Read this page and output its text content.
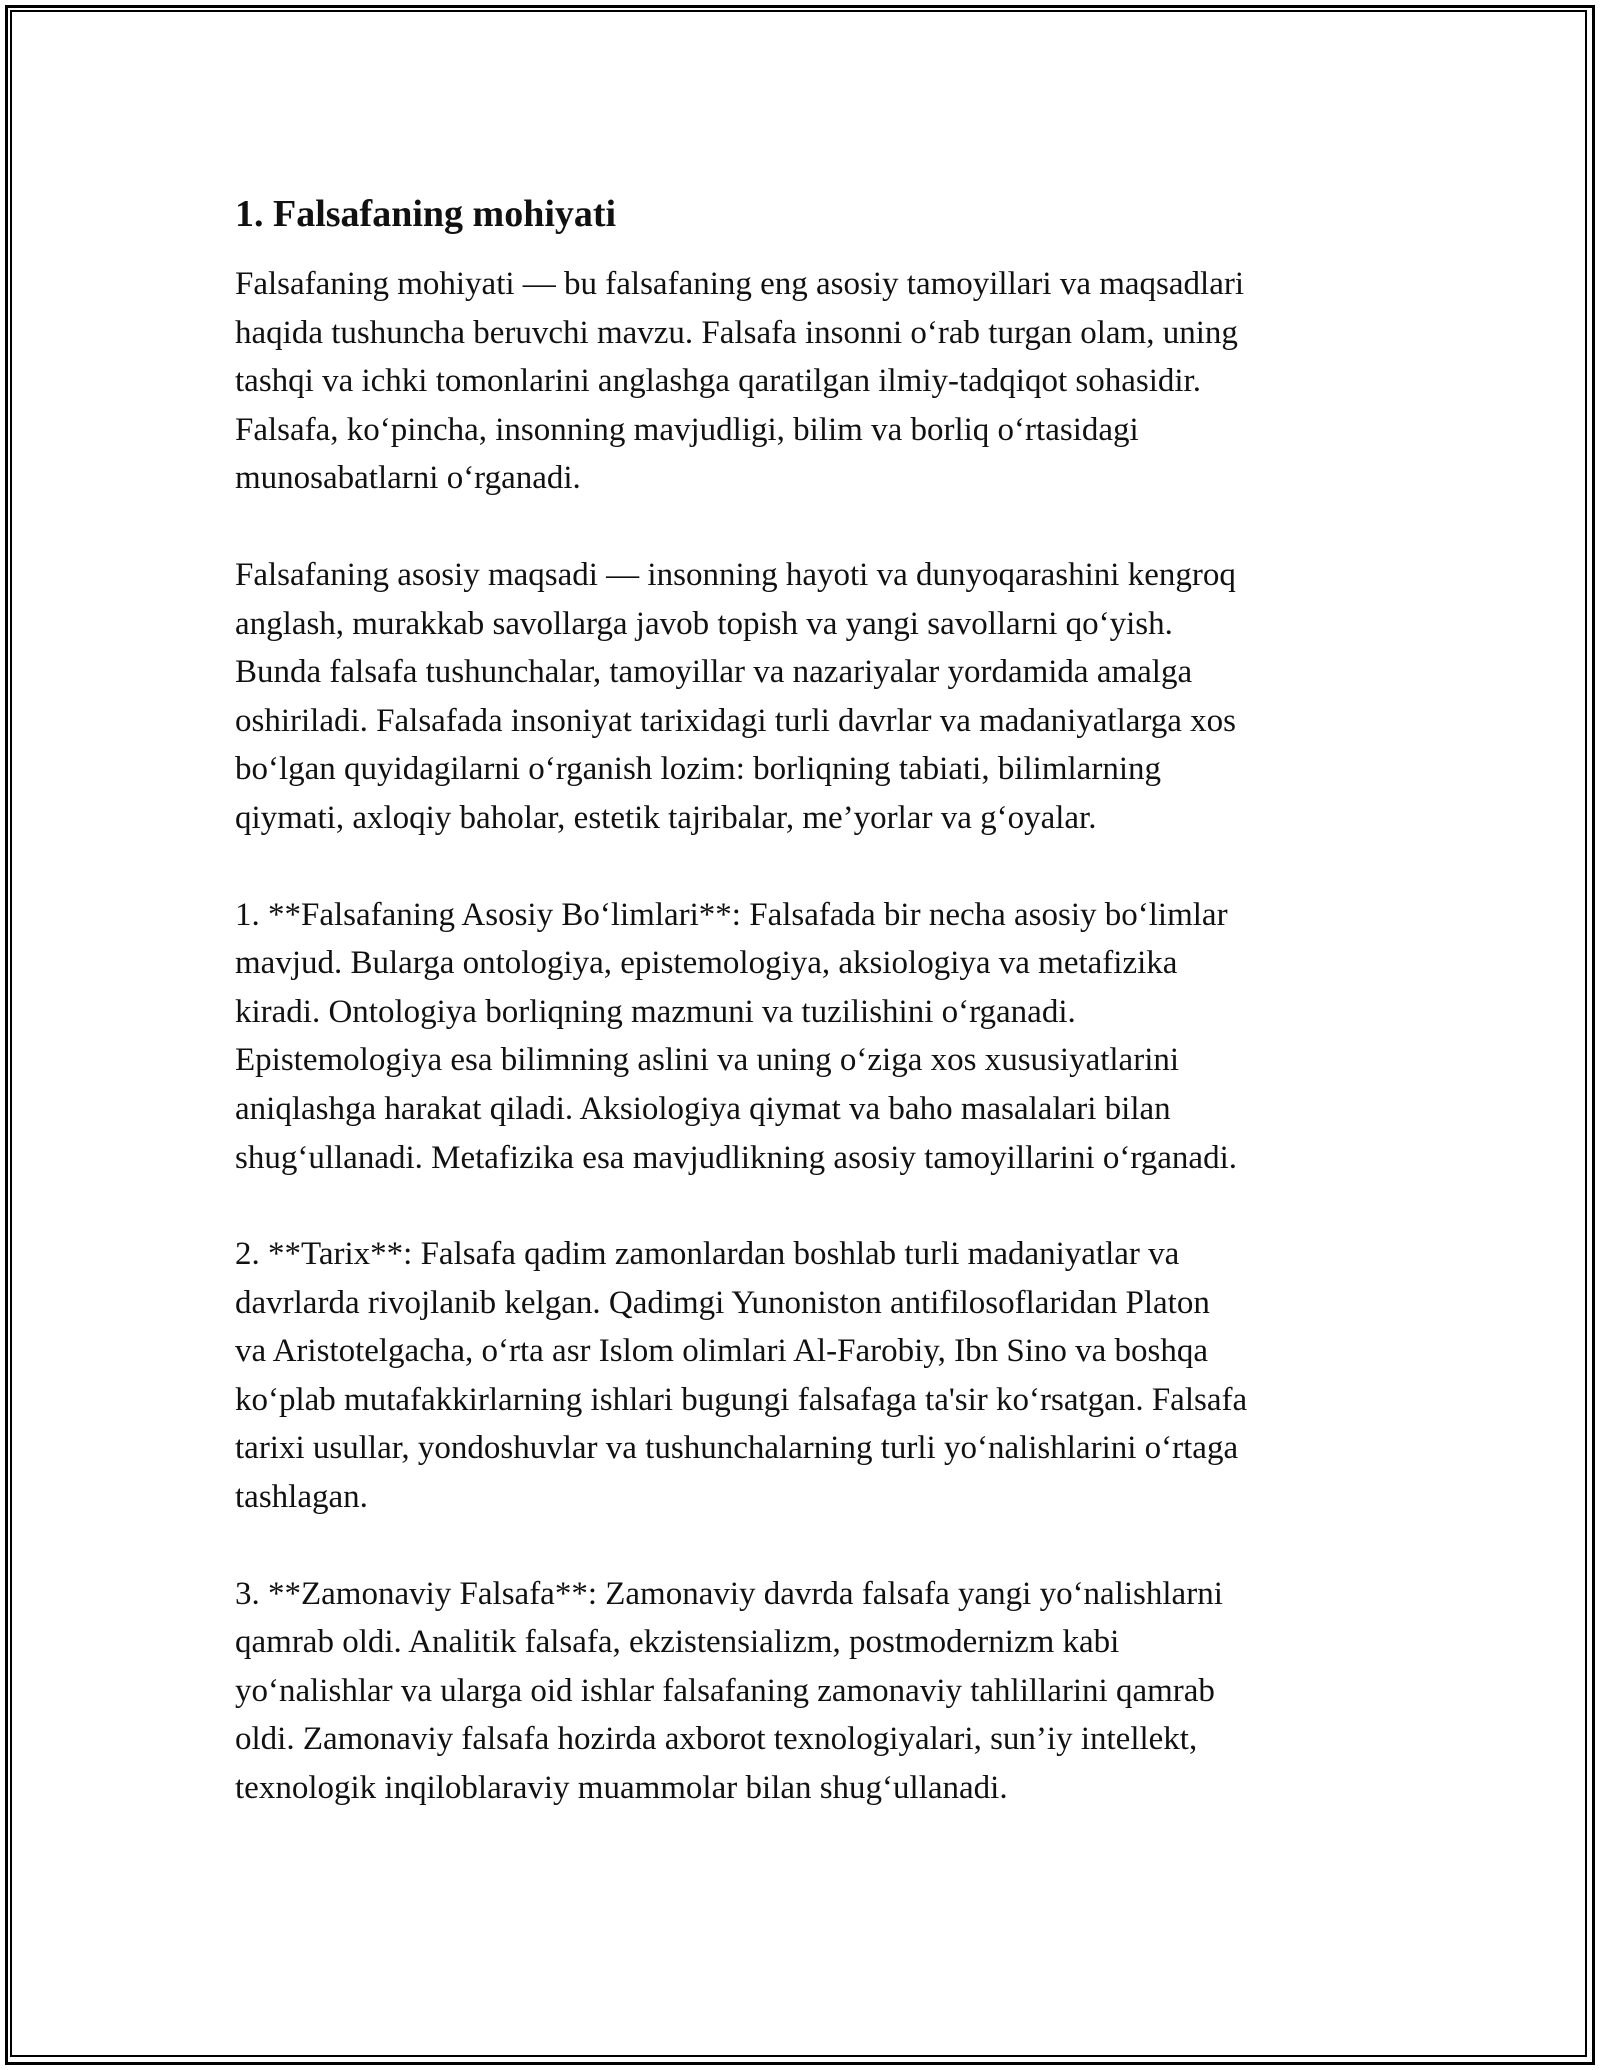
1. Falsafaning mohiyati

Falsafaning mohiyati — bu falsafaning eng asosiy tamoyillari va maqsadlari
haqida tushuncha beruvchi mavzu. Falsafa insonni oʻrab turgan olam, uning
tashqi va ichki tomonlarini anglashga qaratilgan ilmiy-tadqiqot sohasidir.
Falsafa, koʻpincha, insonning mavjudligi, bilim va borliq oʻrtasidagi
munosabatlarni oʻrganadi.

Falsafaning asosiy maqsadi — insonning hayoti va dunyoqarashini kengroq
anglash, murakkab savollarga javob topish va yangi savollarni qoʻyish.
Bunda falsafa tushunchalar, tamoyillar va nazariyalar yordamida amalga
oshiriladi. Falsafada insoniyat tarixidagi turli davrlar va madaniyatlarga xos
boʻlgan quyidagilarni oʻrganish lozim: borliqning tabiati, bilimlarning
qiymati, axloqiy baholar, estetik tajribalar, me’yorlar va gʻoyalar.

1. **Falsafaning Asosiy Boʻlimlari**: Falsafada bir necha asosiy boʻlimlar
mavjud. Bularga ontologiya, epistemologiya, aksiologiya va metafizika
kiradi. Ontologiya borliqning mazmuni va tuzilishini oʻrganadi.
Epistemologiya esa bilimning aslini va uning oʻziga xos xususiyatlarini
aniqlashga harakat qiladi. Aksiologiya qiymat va baho masalalari bilan
shugʻullanadi. Metafizika esa mavjudlikning asosiy tamoyillarini oʻrganadi.

2. **Tarix**: Falsafa qadim zamonlardan boshlab turli madaniyatlar va
davrlarda rivojlanib kelgan. Qadimgi Yunoniston antifilosoflaridan Platon
va Aristotelgacha, oʻrta asr Islom olimlari Al-Farobiy, Ibn Sino va boshqa
koʻplab mutafakkirlarning ishlari bugungi falsafaga ta'sir koʻrsatgan. Falsafa
tarixi usullar, yondoshuvlar va tushunchalarning turli yoʻnalishlarini oʻrtaga
tashlagan.

3. **Zamonaviy Falsafa**: Zamonaviy davrda falsafa yangi yoʻnalishlarni
qamrab oldi. Analitik falsafa, ekzistensializm, postmodernizm kabi
yoʻnalishlar va ularga oid ishlar falsafaning zamonaviy tahlillarini qamrab
oldi. Zamonaviy falsafa hozirda axborot texnologiyalari, sun’iy intellekt,
texnologik inqiloblaraviy muammolar bilan shugʻullanadi.
